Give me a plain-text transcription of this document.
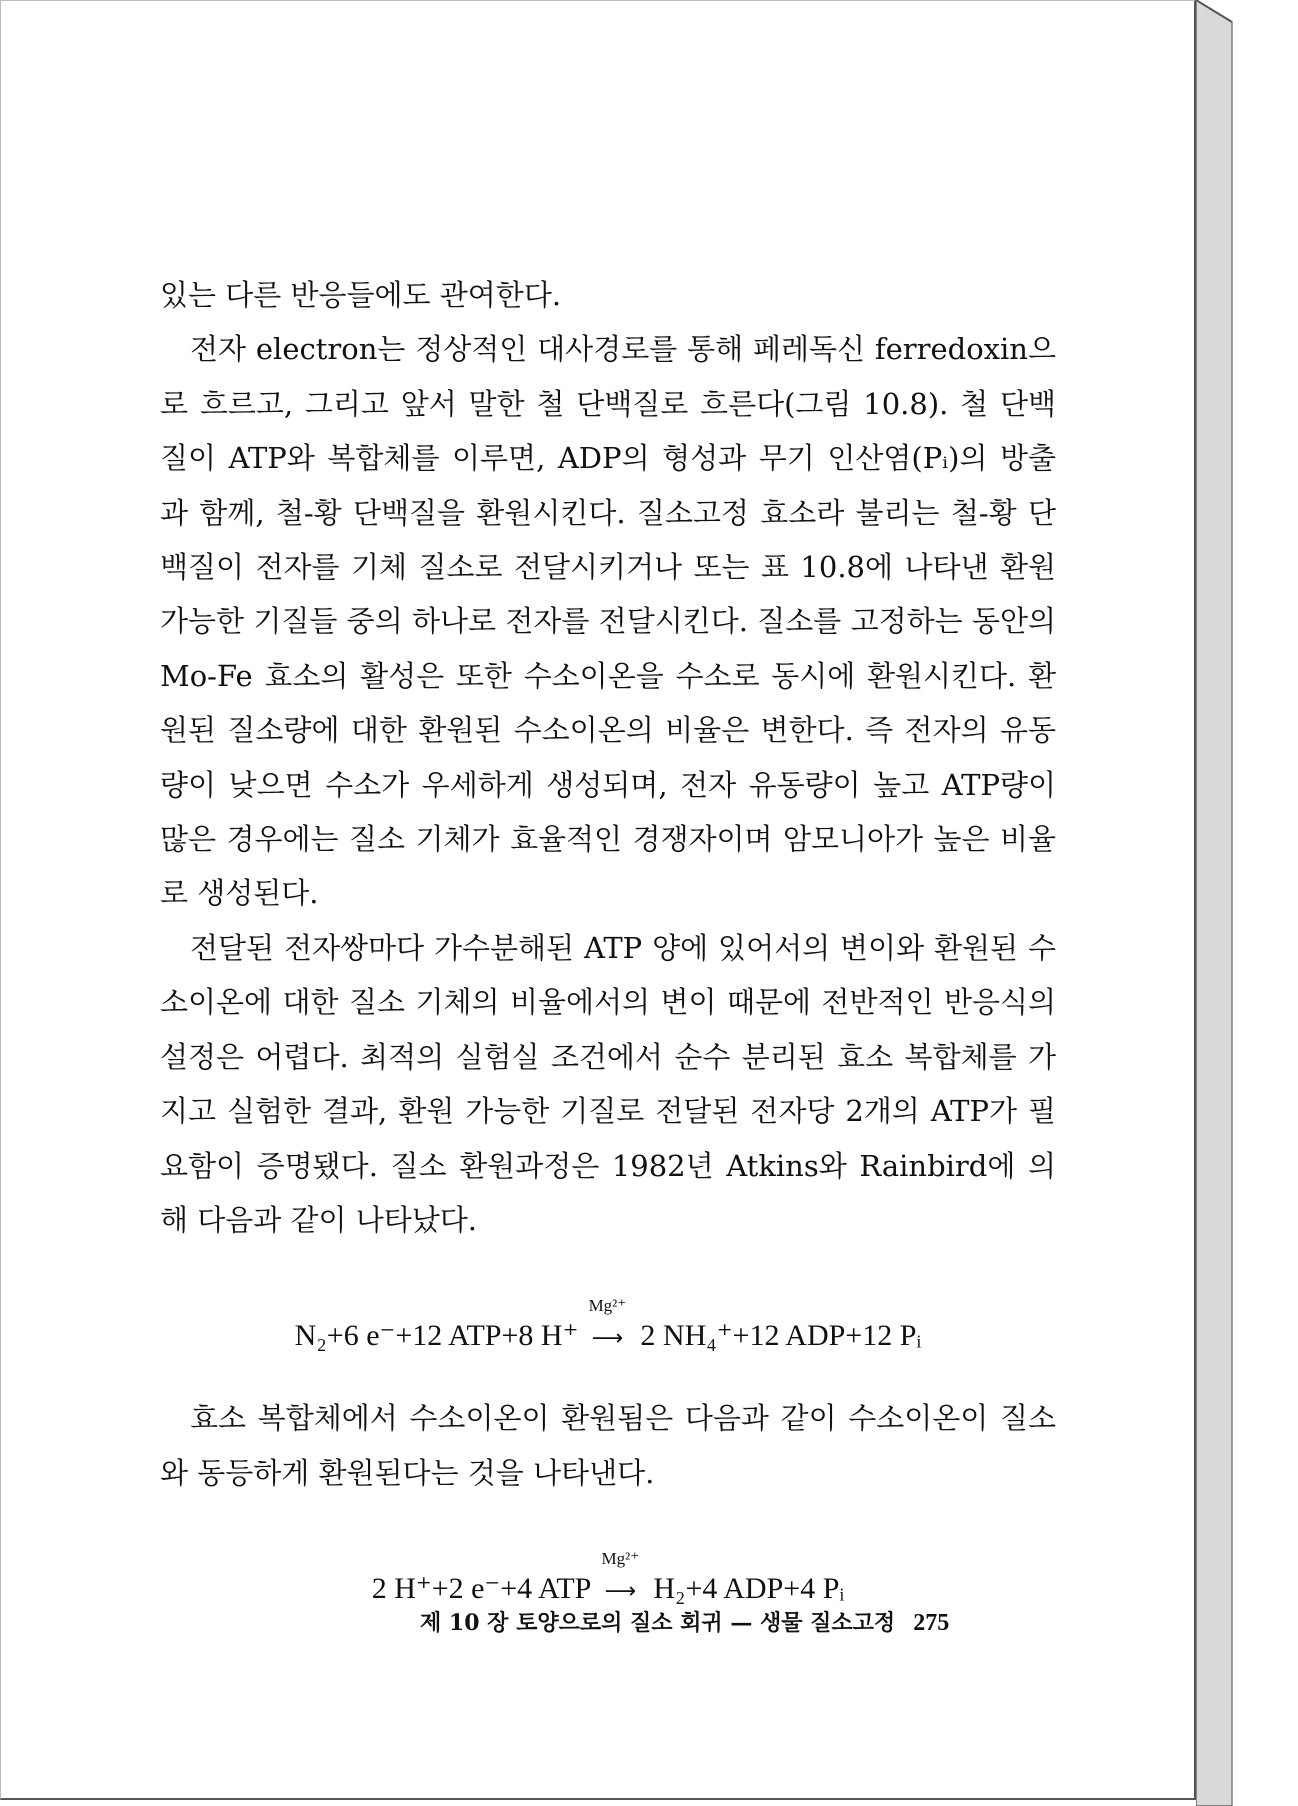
있는 다른 반응들에도 관여한다.

전자 electron는 정상적인 대사경로를 통해 페레독신 ferredoxin으로 흐르고, 그리고 앞서 말한 철 단백질로 흐른다(그림 10.8). 철 단백질이 ATP와 복합체를 이루면, ADP의 형성과 무기 인산염(Pᵢ)의 방출과 함께, 철-황 단백질을 환원시킨다. 질소고정 효소라 불리는 철-황 단백질이 전자를 기체 질소로 전달시키거나 또는 표 10.8에 나타낸 환원 가능한 기질들 중의 하나로 전자를 전달시킨다. 질소를 고정하는 동안의 Mo-Fe 효소의 활성은 또한 수소이온을 수소로 동시에 환원시킨다. 환원된 질소량에 대한 환원된 수소이온의 비율은 변한다. 즉 전자의 유동량이 낮으면 수소가 우세하게 생성되며, 전자 유동량이 높고 ATP량이 많은 경우에는 질소 기체가 효율적인 경쟁자이며 암모니아가 높은 비율로 생성된다.

전달된 전자쌍마다 가수분해된 ATP 양에 있어서의 변이와 환원된 수소이온에 대한 질소 기체의 비율에서의 변이 때문에 전반적인 반응식의 설정은 어렵다. 최적의 실험실 조건에서 순수 분리된 효소 복합체를 가지고 실험한 결과, 환원 가능한 기질로 전달된 전자당 2개의 ATP가 필요함이 증명됐다. 질소 환원과정은 1982년 Atkins와 Rainbird에 의해 다음과 같이 나타났다.

N₂+6 e⁻+12 ATP+8 H⁺
Mg²⁺
⟶ 2 NH₄⁺+12 ADP+12 Pᵢ

효소 복합체에서 수소이온이 환원됨은 다음과 같이 수소이온이 질소와 동등하게 환원된다는 것을 나타낸다.

2 H⁺+2 e⁻+4 ATP
Mg²⁺
⟶ H₂+4 ADP+4 Pᵢ
제 10 장 토양으로의 질소 회귀 — 생물 질소고정 275
